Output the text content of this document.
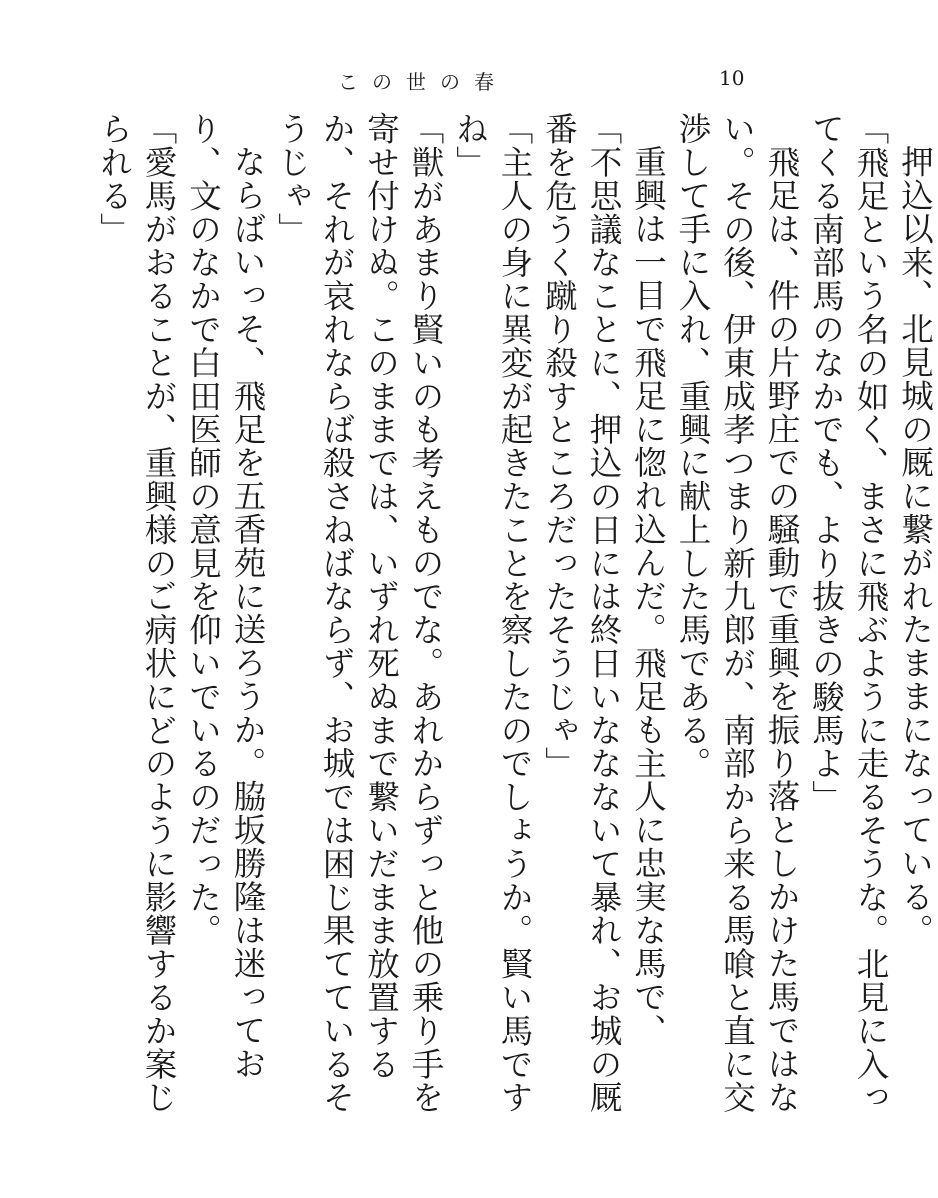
この世の春	10

押込以来、北見城の厩に繋がれたままになっている。

「飛足という名の如く、まさに飛ぶように走るそうな。北見に入ってくる南部馬のなかでも、より抜きの駿馬よ」

飛足は、件の片野庄での騒動で重興を振り落としかけた馬ではない。その後、伊東成孝つまり新九郎が、南部から来る馬喰と直に交渉して手に入れ、重興に献上した馬である。

重興は一目で飛足に惚れ込んだ。飛足も主人に忠実な馬で、

「不思議なことに、押込の日には終日いななないて暴れ、お城の厩番を危うく蹴り殺すところだったそうじゃ」

「主人の身に異変が起きたことを察したのでしょうか。賢い馬ですね」

「獣があまり賢いのも考えものでな。あれからずっと他の乗り手を寄せ付けぬ。このままでは、いずれ死ぬまで繋いだまま放置するか、それが哀れならば殺さねばならず、お城では困じ果てているそうじゃ」

ならばいっそ、飛足を五香苑に送ろうか。脇坂勝隆は迷っており、文のなかで白田医師の意見を仰いでいるのだった。

「愛馬がおることが、重興様のご病状にどのように影響するか案じられる」
